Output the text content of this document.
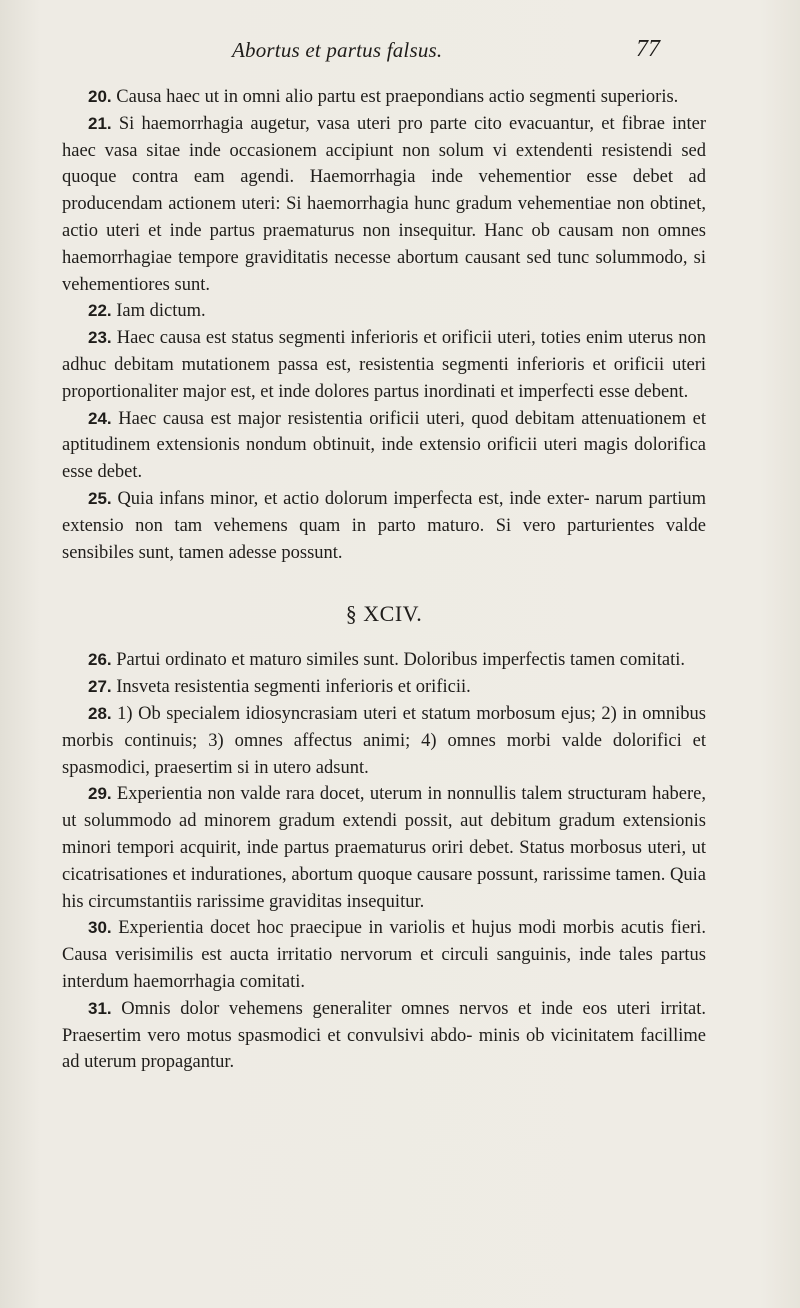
Abortus et partus falsus.	77

20. Causa haec ut in omni alio partu est praepondians actio segmenti superioris.

21. Si haemorrhagia augetur, vasa uteri pro parte cito evacuantur, et fibrae inter haec vasa sitae inde occasionem accipiunt non solum vi extendenti resistendi sed quoque contra eam agendi. Haemorrhagia inde vehementior esse debet ad producendam actionem uteri: Si haemorrhagia hunc gradum vehementiae non obtinet, actio uteri et inde partus praematurus non insequitur. Hanc ob causam non omnes haemorrhagiae tempore graviditatis necesse abortum causant sed tunc solummodo, si vehementiores sunt.

22. Iam dictum.

23. Haec causa est status segmenti inferioris et orificii uteri, toties enim uterus non adhuc debitam mutationem passa est, resistentia segmenti inferioris et orificii uteri proportionaliter major est, et inde dolores partus inordinati et imperfecti esse debent.

24. Haec causa est major resistentia orificii uteri, quod debitam attenuationem et aptitudinem extensionis nondum obtinuit, inde extensio orificii uteri magis dolorifica esse debet.

25. Quia infans minor, et actio dolorum imperfecta est, inde exter- narum partium extensio non tam vehemens quam in parto maturo. Si vero parturientes valde sensibiles sunt, tamen adesse possunt.

§ XCIV.

26. Partui ordinato et maturo similes sunt. Doloribus imperfectis tamen comitati.

27. Insveta resistentia segmenti inferioris et orificii.

28. 1) Ob specialem idiosyncrasiam uteri et statum morbosum ejus; 2) in omnibus morbis continuis; 3) omnes affectus animi; 4) omnes morbi valde dolorifici et spasmodici, praesertim si in utero adsunt.

29. Experientia non valde rara docet, uterum in nonnullis talem structuram habere, ut solummodo ad minorem gradum extendi possit, aut debitum gradum extensionis minori tempori acquirit, inde partus praematurus oriri debet. Status morbosus uteri, ut cicatrisationes et indurationes, abortum quoque causare possunt, rarissime tamen. Quia his circumstantiis rarissime graviditas insequitur.

30. Experientia docet hoc praecipue in variolis et hujus modi morbis acutis fieri. Causa verisimilis est aucta irritatio nervorum et circuli sanguinis, inde tales partus interdum haemorrhagia comitati.

31. Omnis dolor vehemens generaliter omnes nervos et inde eos uteri irritat. Praesertim vero motus spasmodici et convulsivi abdo- minis ob vicinitatem facillime ad uterum propagantur.
